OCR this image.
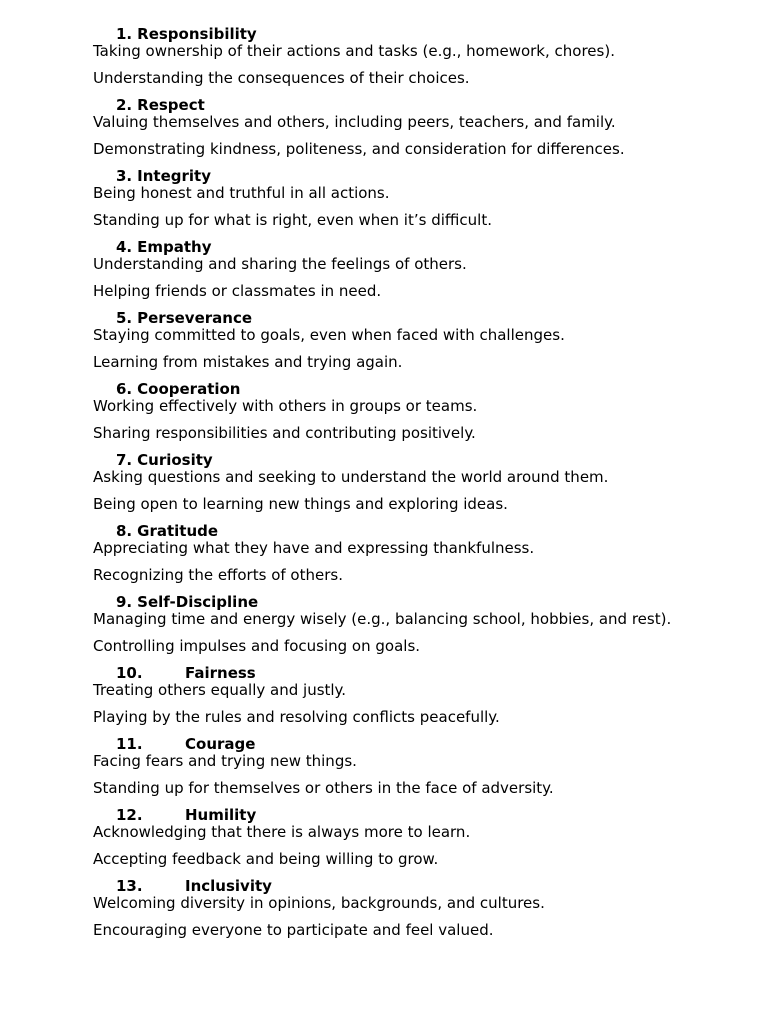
1. Responsibility

Taking ownership of their actions and tasks (e.g., homework, chores).

Understanding the consequences of their choices.

2. Respect

Valuing themselves and others, including peers, teachers, and family.

Demonstrating kindness, politeness, and consideration for differences.

3. Integrity

Being honest and truthful in all actions.

Standing up for what is right, even when it’s difficult.

4. Empathy

Understanding and sharing the feelings of others.

Helping friends or classmates in need.

5. Perseverance

Staying committed to goals, even when faced with challenges.

Learning from mistakes and trying again.

6. Cooperation

Working effectively with others in groups or teams.

Sharing responsibilities and contributing positively.

7. Curiosity

Asking questions and seeking to understand the world around them.

Being open to learning new things and exploring ideas.

8. Gratitude

Appreciating what they have and expressing thankfulness.

Recognizing the efforts of others.

9. Self-Discipline

Managing time and energy wisely (e.g., balancing school, hobbies, and rest).

Controlling impulses and focusing on goals.

10.	Fairness

Treating others equally and justly.

Playing by the rules and resolving conflicts peacefully.

11.	Courage

Facing fears and trying new things.

Standing up for themselves or others in the face of adversity.

12.	Humility

Acknowledging that there is always more to learn.

Accepting feedback and being willing to grow.

13.	Inclusivity

Welcoming diversity in opinions, backgrounds, and cultures.

Encouraging everyone to participate and feel valued.
